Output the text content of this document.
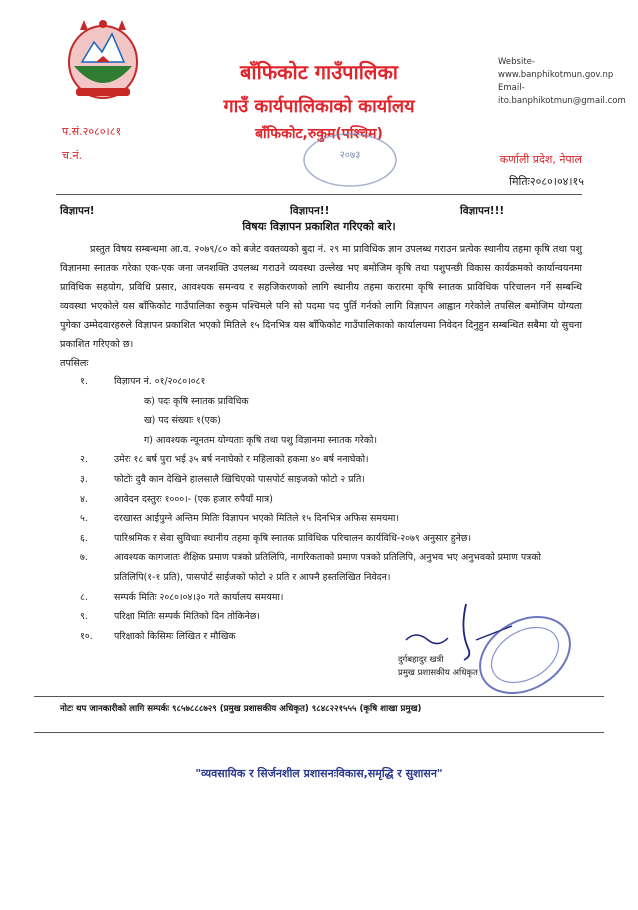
बाँफिकोट गाउँपालिका
गाउँ कार्यपालिकाको कार्यालय
बाँफिकोट,रुकुम(पश्चिम)
Website-www.banphikotmun.gov.np
Email-ito.banphikotmun@gmail.com
प.सं.२०८०।८१
च.नं.	कर्णाली प्रदेश, नेपाल
२०७३
मितिः२०८०।०४।१५
विज्ञापन!	विज्ञापन!!	विज्ञापन!!!
विषयः विज्ञापन प्रकाशित गरिएको बारे।
प्रस्तुत विषय सम्बन्धमा आ.व. २०७९/८० को बजेट वक्तव्यको बुदा नं. २९ मा प्राविधिक ज्ञान उपलब्ध गराउन प्रत्येक स्थानीय तहमा कृषि तथा पशु विज्ञानमा स्नातक गरेका एक-एक जना जनशक्ति उपलब्ध गराउने व्यवस्था उल्लेख भए बमोजिम कृषि तथा पशुपन्छी विकास कार्यक्रमको कार्यान्वयनमा प्राविधिक सहयोग, प्रविधि प्रसार, आवश्यक समन्वय र सहजिकरणको लागि स्थानीय तहमा करारमा कृषि स्नातक प्राविधिक परिचालन गर्ने सम्बन्धि व्यवस्था भएकोले यस बाँफिकोट गाउँपालिका रुकुम पश्चिमले पनि सो पदमा पद पुर्ति गर्नको लागि विज्ञापन आह्वान गरेकोले तपसिल बमोजिम योग्यता पुगेका उम्मेदवारहरुले विज्ञापन प्रकाशित भएको मितिले १५ दिनभित्र यस बाँफिकोट गाउँपालिकाको कार्यालयमा निवेदन दिनुहुन सम्बन्धित सबैमा यो सुचना प्रकाशित गरिएको छ।
तपसिलः
१.	विज्ञापन नं. ०१/२०८०।०८१
क) पदः कृषि स्नातक प्राविधिक
ख) पद संख्याः १(एक)
ग) आवश्यक न्यूनतम योग्यताः कृषि तथा पशु विज्ञानमा स्नातक गरेको।
२.	उमेरः १८ बर्ष पुरा भई ३५ बर्ष ननाघेको र महिलाको हकमा ४० बर्ष ननाघेको।
३.	फोटोः दुवै कान देखिने हालसालै खिचिएको पासपोर्ट साइजको फोटो २ प्रति।
४.	आवेदन दस्तुरः १०००।- (एक हजार रुपैयाँ मात्र)
५.	दरखास्त आईपुग्ने अन्तिम मितिः विज्ञापन भएको मितिले १५ दिनभित्र अफिस समयमा।
६.	पारिश्रमिक र सेवा सुविधाः स्थानीय तहमा कृषि स्नातक प्राविधिक परिचालन कार्यविधि-२०७९ अनुसार हुनेछ।
७.	आवश्यक कागजातः शैक्षिक प्रमाण पत्रको प्रतिलिपि, नागरिकताको प्रमाण पत्रको प्रतिलिपि, अनुभव भए अनुभवको प्रमाण पत्रको प्रतिलिपि(१-१ प्रति), पासपोर्ट साईजको फोटो २ प्रति र आफ्नै हस्तलिखित निवेदन।
८.	सम्पर्क मितिः २०८०।०४।३० गते कार्यालय समयमा।
९.	परिक्षा मितिः सम्पर्क मितिको दिन तोकिनेछ।
१०.	परिक्षाको किसिमः लिखित र मौखिक
दुर्गबहादुर खत्री
प्रमुख प्रशासकीय अधिकृत
नोटः थप जानकारीको लागि सम्पर्कः ९८५७८८८७२९ (प्रमुख प्रशासकीय अधिकृत) ९८४८२२१५५५ (कृषि शाखा प्रमुख)
"व्यवसायिक र सिर्जनशील प्रशासनःविकास,समृद्धि र सुशासन"
